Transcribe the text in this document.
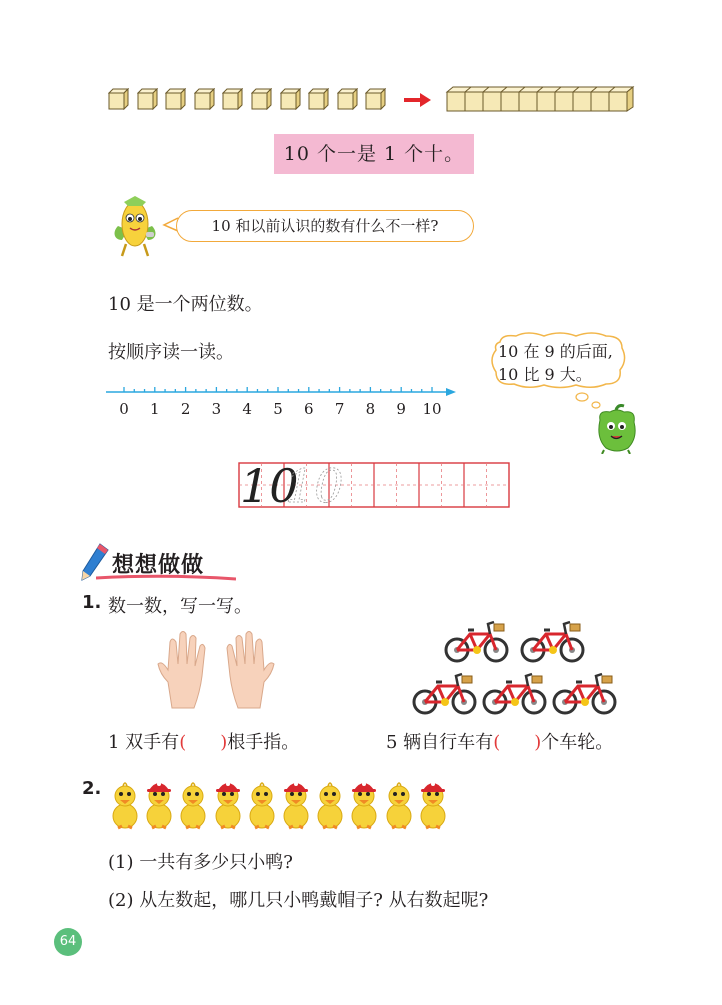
10 个一是 1 个十。
10 和以前认识的数有什么不一样?
10 是一个两位数。
按顺序读一读。
0	1	2	3	4	5	6	7	8	9	10
10 在 9 的后面,
10 比 9 大。
10
10
想想做做
1. 数一数，写一写。
1 双手有( )根手指。	5 辆自行车有( )个车轮。
2.
(1) 一共有多少只小鸭?
(2) 从左数起，哪几只小鸭戴帽子? 从右数起呢?
64
